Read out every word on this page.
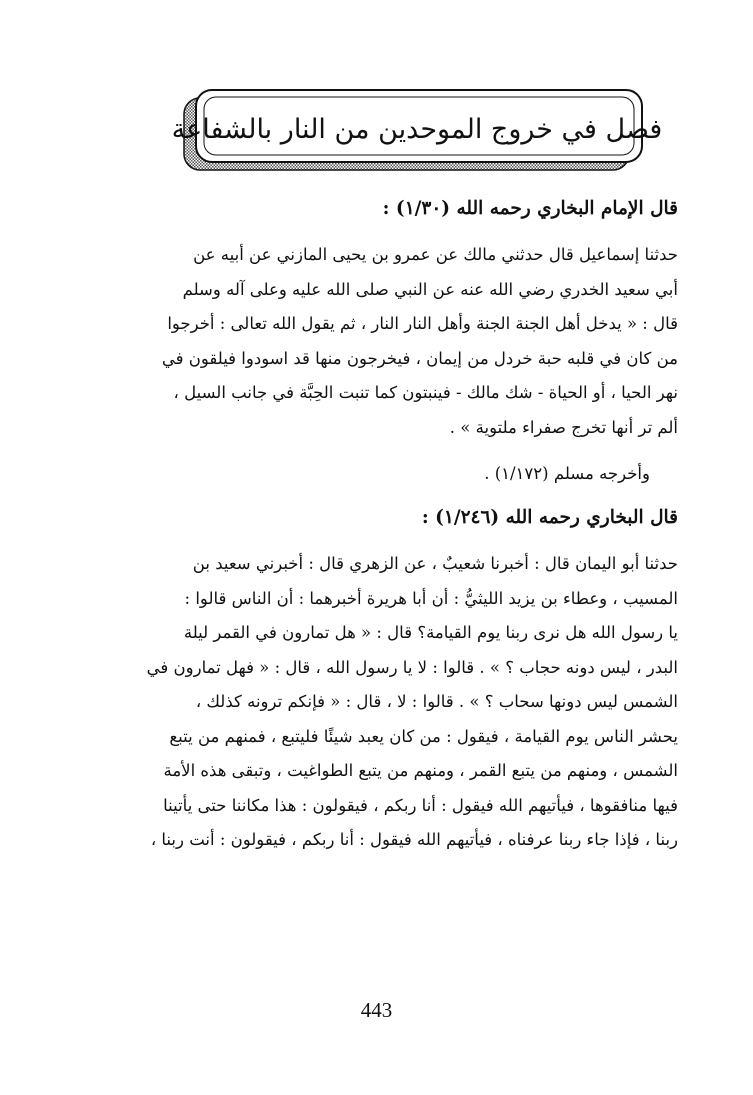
فصل في خروج الموحدين من النار بالشفاعة
قال الإمام البخاري رحمه الله (١/٣٠) :
حدثنا إسماعيل قال حدثني مالك عن عمرو بن يحيى المازني عن أبيه عن
أبي سعيد الخدري رضي الله عنه عن النبي صلى الله عليه وعلى آله وسلم
قال : « يدخل أهل الجنة الجنة وأهل النار النار ، ثم يقول الله تعالى : أخرجوا
من كان في قلبه حبة خردل من إيمان ، فيخرجون منها قد اسودوا فيلقون في
نهر الحيا ، أو الحياة - شك مالك - فينبتون كما تنبت الحِبَّة في جانب السيل ،
ألم تر أنها تخرج صفراء ملتوية » .

وأخرجه مسلم (١/١٧٢) .

قال البخاري رحمه الله (١/٢٤٦) :
حدثنا أبو اليمان قال : أخبرنا شعيبٌ ، عن الزهري قال : أخبرني سعيد بن
المسيب ، وعطاء بن يزيد الليثيُّ : أن أبا هريرة أخبرهما : أن الناس قالوا :
يا رسول الله هل نرى ربنا يوم القيامة؟ قال : « هل تمارون في القمر ليلة
البدر ، ليس دونه حجاب ؟ » . قالوا : لا يا رسول الله ، قال : « فهل تمارون في
الشمس ليس دونها سحاب ؟ » . قالوا : لا ، قال : « فإنكم ترونه كذلك ،
يحشر الناس يوم القيامة ، فيقول : من كان يعبد شيئًا فليتبع ، فمنهم من يتبع
الشمس ، ومنهم من يتبع القمر ، ومنهم من يتبع الطواغيت ، وتبقى هذه الأمة
فيها منافقوها ، فيأتيهم الله فيقول : أنا ربكم ، فيقولون : هذا مكاننا حتى يأتينا
ربنا ، فإذا جاء ربنا عرفناه ، فيأتيهم الله فيقول : أنا ربكم ، فيقولون : أنت ربنا ،
443
